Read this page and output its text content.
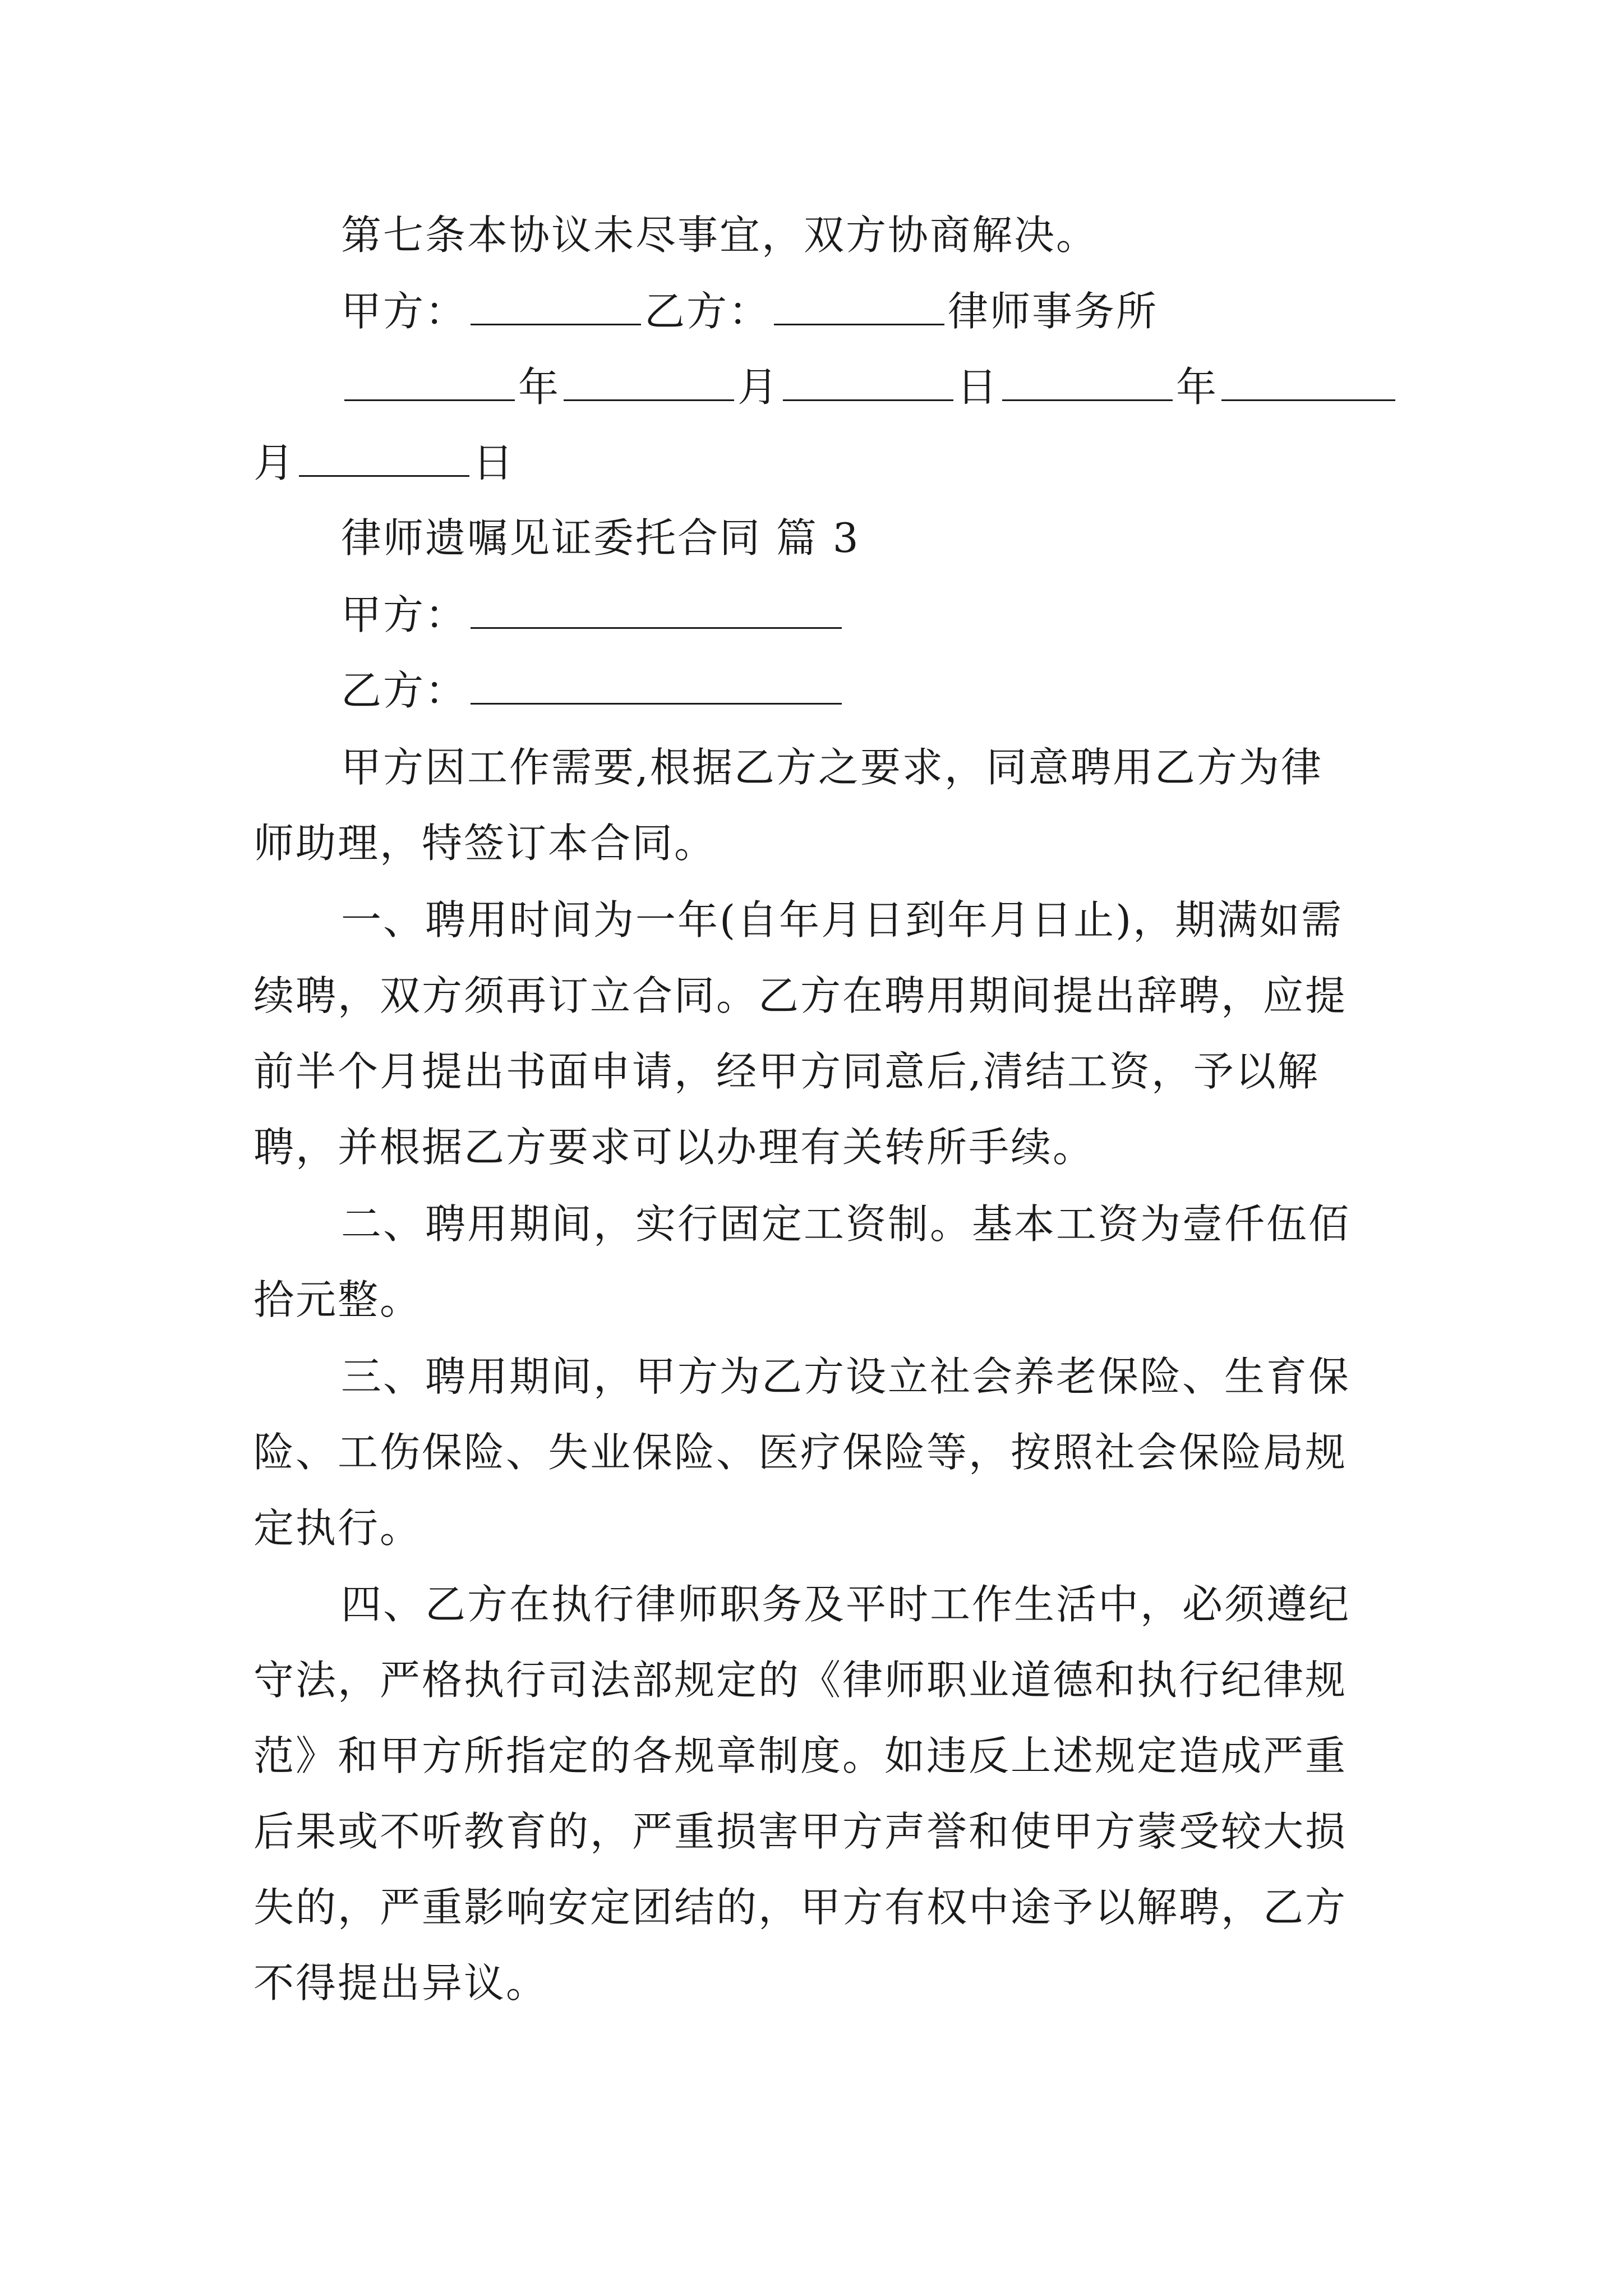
第七条本协议未尽事宜，双方协商解决。
甲方：	乙方：	律师事务所
年	月	日	年
月	日
律师遗嘱见证委托合同 篇 3
甲方：
乙方：
甲方因工作需要,根据乙方之要求，同意聘用乙方为律
师助理，特签订本合同。
一、聘用时间为一年(自年月日到年月日止)，期满如需
续聘，双方须再订立合同。乙方在聘用期间提出辞聘，应提
前半个月提出书面申请，经甲方同意后,清结工资，予以解
聘，并根据乙方要求可以办理有关转所手续。
二、聘用期间，实行固定工资制。基本工资为壹仟伍佰
拾元整。
三、聘用期间，甲方为乙方设立社会养老保险、生育保
险、工伤保险、失业保险、医疗保险等，按照社会保险局规
定执行。
四、乙方在执行律师职务及平时工作生活中，必须遵纪
守法，严格执行司法部规定的《律师职业道德和执行纪律规
范》和甲方所指定的各规章制度。如违反上述规定造成严重
后果或不听教育的，严重损害甲方声誉和使甲方蒙受较大损
失的，严重影响安定团结的，甲方有权中途予以解聘，乙方
不得提出异议。
